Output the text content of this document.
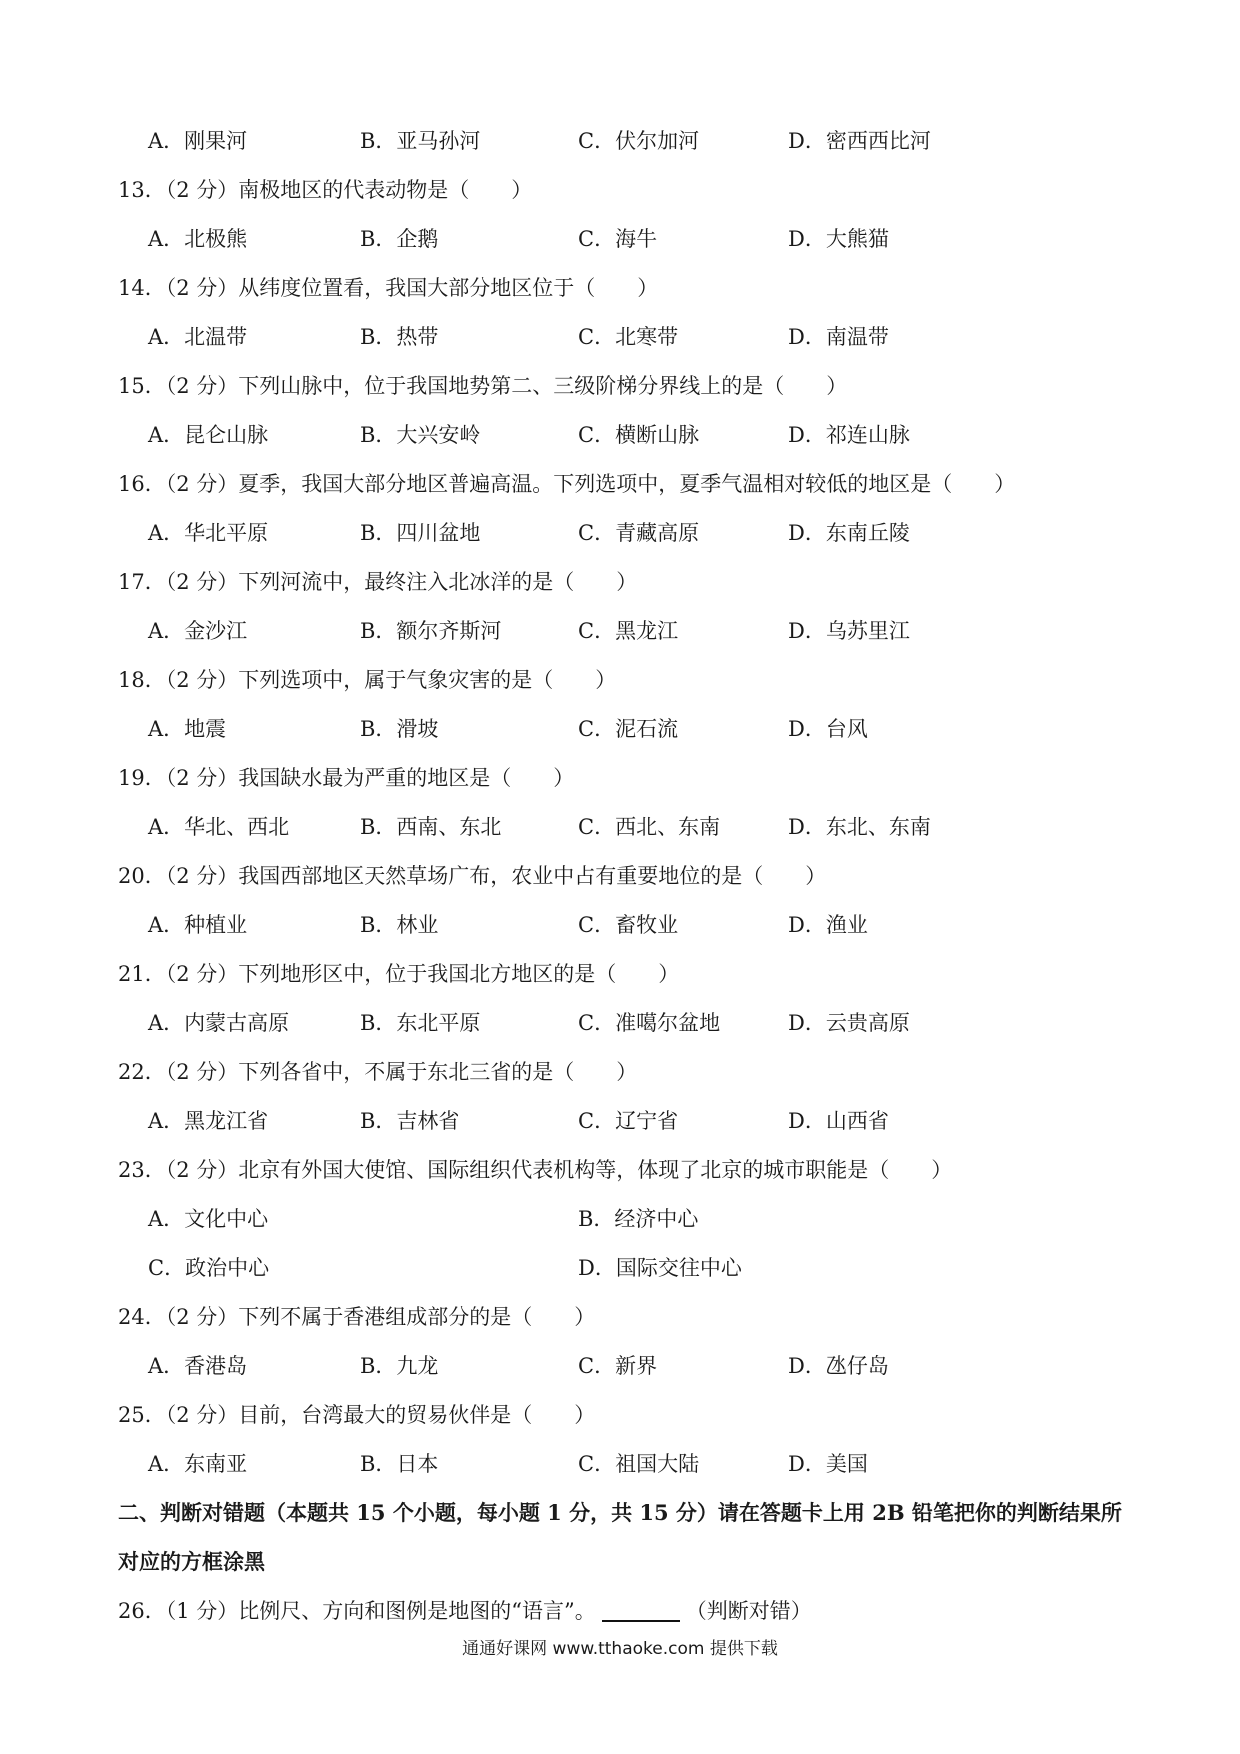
A．刚果河	B．亚马孙河	C．伏尔加河	D．密西西比河
13．（2 分）南极地区的代表动物是（　　）
A．北极熊	B．企鹅	C．海牛	D．大熊猫
14．（2 分）从纬度位置看，我国大部分地区位于（　　）
A．北温带	B．热带	C．北寒带	D．南温带
15．（2 分）下列山脉中，位于我国地势第二、三级阶梯分界线上的是（　　）
A．昆仑山脉	B．大兴安岭	C．横断山脉	D．祁连山脉
16．（2 分）夏季，我国大部分地区普遍高温。下列选项中，夏季气温相对较低的地区是（　　）
A．华北平原	B．四川盆地	C．青藏高原	D．东南丘陵
17．（2 分）下列河流中，最终注入北冰洋的是（　　）
A．金沙江	B．额尔齐斯河	C．黑龙江	D．乌苏里江
18．（2 分）下列选项中，属于气象灾害的是（　　）
A．地震	B．滑坡	C．泥石流	D．台风
19．（2 分）我国缺水最为严重的地区是（　　）
A．华北、西北	B．西南、东北	C．西北、东南	D．东北、东南
20．（2 分）我国西部地区天然草场广布，农业中占有重要地位的是（　　）
A．种植业	B．林业	C．畜牧业	D．渔业
21．（2 分）下列地形区中，位于我国北方地区的是（　　）
A．内蒙古高原	B．东北平原	C．准噶尔盆地	D．云贵高原
22．（2 分）下列各省中，不属于东北三省的是（　　）
A．黑龙江省	B．吉林省	C．辽宁省	D．山西省
23．（2 分）北京有外国大使馆、国际组织代表机构等，体现了北京的城市职能是（　　）
A．文化中心	B．经济中心
C．政治中心	D．国际交往中心
24．（2 分）下列不属于香港组成部分的是（　　）
A．香港岛	B．九龙	C．新界	D．氹仔岛
25．（2 分）目前，台湾最大的贸易伙伴是（　　）
A．东南亚	B．日本	C．祖国大陆	D．美国
二、判断对错题（本题共 15 个小题，每小题 1 分，共 15 分）请在答题卡上用 2B 铅笔把你的判断结果所
对应的方框涂黑
26．（1 分）比例尺、方向和图例是地图的“语言”。	（判断对错）
通通好课网 www.tthaoke.com 提供下载
